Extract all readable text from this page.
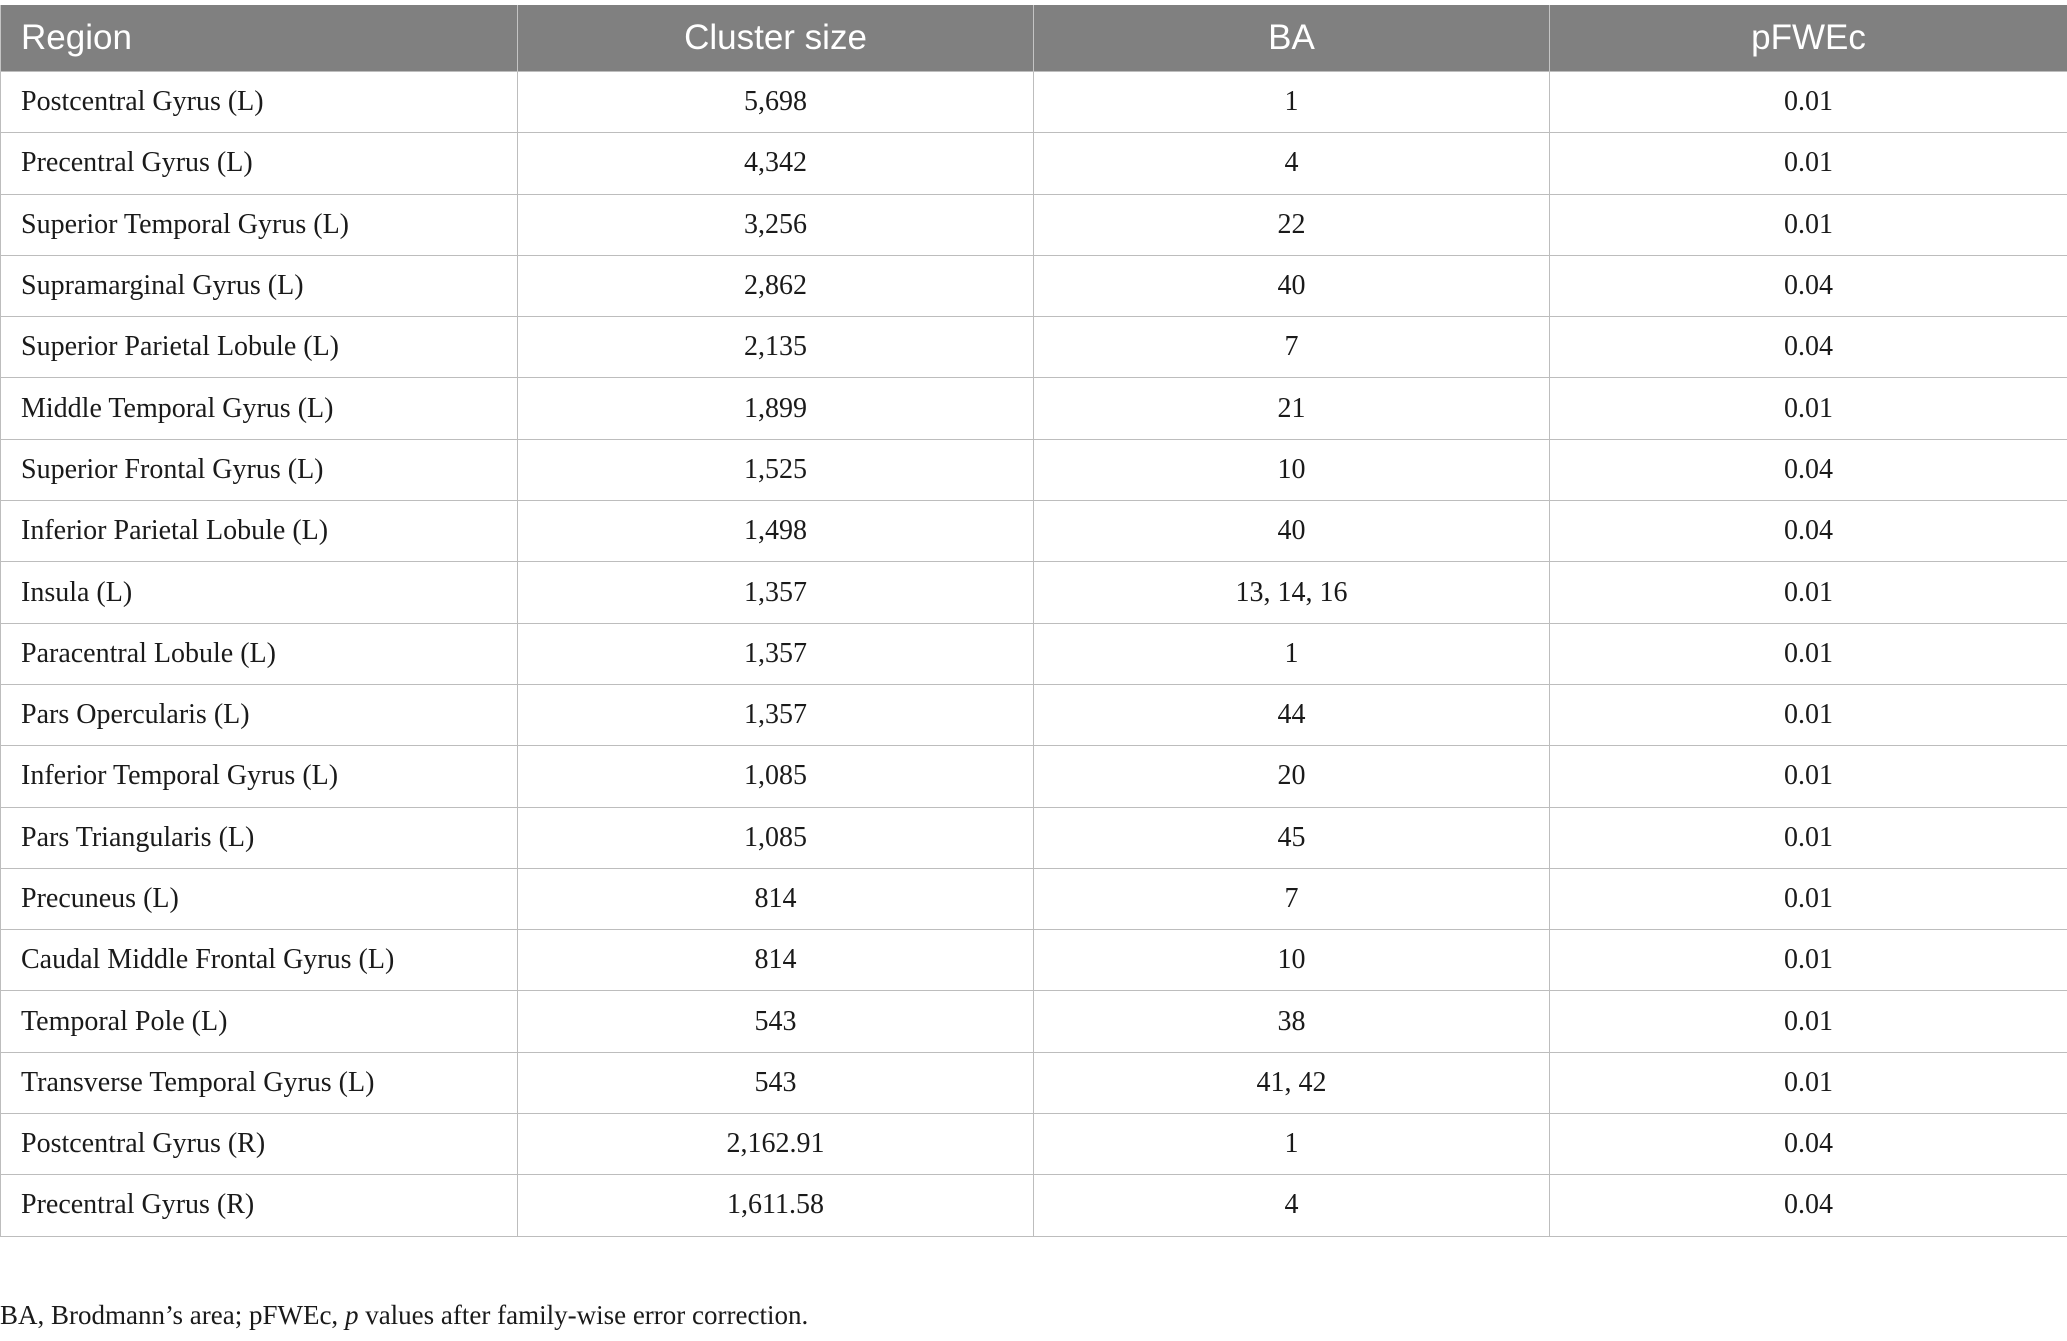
Region	Cluster size	BA	pFWEc
Postcentral Gyrus (L)	5,698	1	0.01
Precentral Gyrus (L)	4,342	4	0.01
Superior Temporal Gyrus (L)	3,256	22	0.01
Supramarginal Gyrus (L)	2,862	40	0.04
Superior Parietal Lobule (L)	2,135	7	0.04
Middle Temporal Gyrus (L)	1,899	21	0.01
Superior Frontal Gyrus (L)	1,525	10	0.04
Inferior Parietal Lobule (L)	1,498	40	0.04
Insula (L)	1,357	13, 14, 16	0.01
Paracentral Lobule (L)	1,357	1	0.01
Pars Opercularis (L)	1,357	44	0.01
Inferior Temporal Gyrus (L)	1,085	20	0.01
Pars Triangularis (L)	1,085	45	0.01
Precuneus (L)	814	7	0.01
Caudal Middle Frontal Gyrus (L)	814	10	0.01
Temporal Pole (L)	543	38	0.01
Transverse Temporal Gyrus (L)	543	41, 42	0.01
Postcentral Gyrus (R)	2,162.91	1	0.04
Precentral Gyrus (R)	1,611.58	4	0.04
BA, Brodmann’s area; pFWEc, p values after family-wise error correction.
